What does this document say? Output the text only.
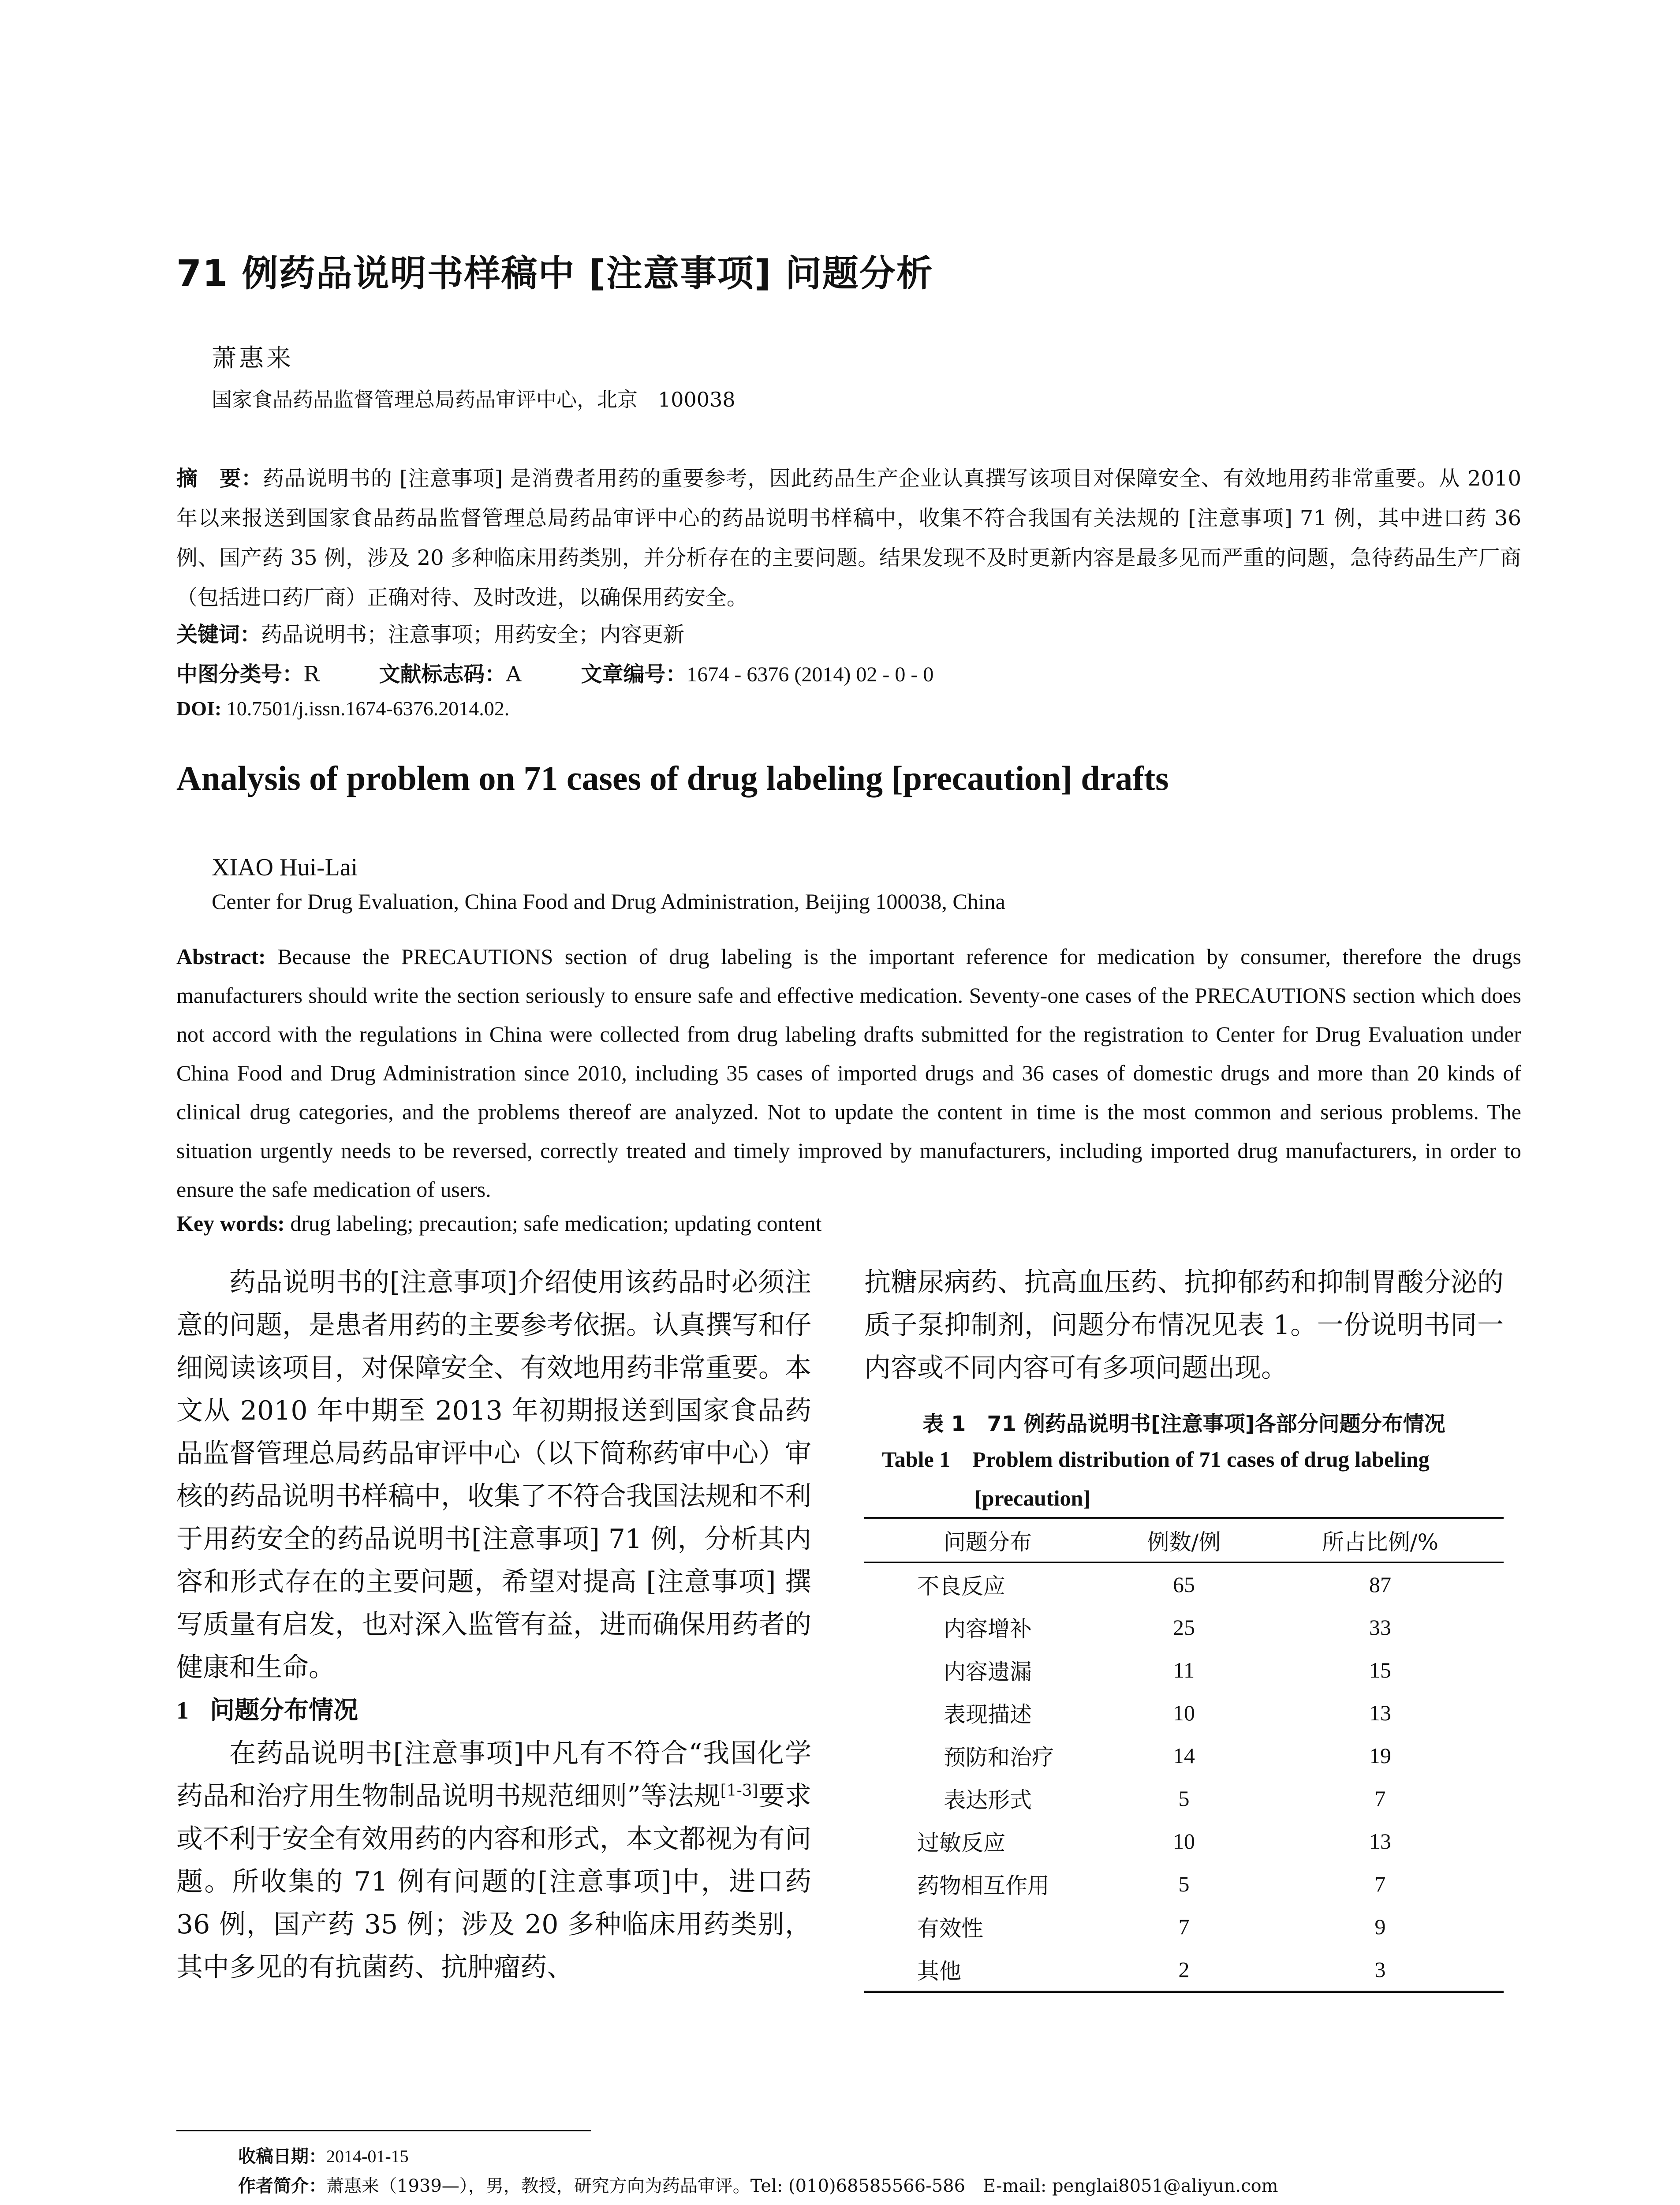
71 例药品说明书样稿中 [注意事项] 问题分析
萧惠来
国家食品药品监督管理总局药品审评中心，北京　100038
摘　要：药品说明书的 [注意事项] 是消费者用药的重要参考，因此药品生产企业认真撰写该项目对保障安全、有效地用药非常重要。从 2010 年以来报送到国家食品药品监督管理总局药品审评中心的药品说明书样稿中，收集不符合我国有关法规的 [注意事项] 71 例，其中进口药 36 例、国产药 35 例，涉及 20 多种临床用药类别，并分析存在的主要问题。结果发现不及时更新内容是最多见而严重的问题，急待药品生产厂商（包括进口药厂商）正确对待、及时改进，以确保用药安全。
关键词：药品说明书；注意事项；用药安全；内容更新
中图分类号：R	文献标志码：A	文章编号：1674 - 6376 (2014) 02 - 0 - 0
DOI: 10.7501/j.issn.1674-6376.2014.02.
Analysis of problem on 71 cases of drug labeling [precaution] drafts
XIAO Hui-Lai
Center for Drug Evaluation, China Food and Drug Administration, Beijing 100038, China
Abstract: Because the PRECAUTIONS section of drug labeling is the important reference for medication by consumer, therefore the drugs manufacturers should write the section seriously to ensure safe and effective medication. Seventy-one cases of the PRECAUTIONS section which does not accord with the regulations in China were collected from drug labeling drafts submitted for the registration to Center for Drug Evaluation under China Food and Drug Administration since 2010, including 35 cases of imported drugs and 36 cases of domestic drugs and more than 20 kinds of clinical drug categories, and the problems thereof are analyzed. Not to update the content in time is the most common and serious problems. The situation urgently needs to be reversed, correctly treated and timely improved by manufacturers, including imported drug manufacturers, in order to ensure the safe medication of users.
Key words: drug labeling; precaution; safe medication; updating content

药品说明书的[注意事项]介绍使用该药品时必须注意的问题，是患者用药的主要参考依据。认真撰写和仔细阅读该项目，对保障安全、有效地用药非常重要。本文从 2010 年中期至 2013 年初期报送到国家食品药品监督管理总局药品审评中心（以下简称药审中心）审核的药品说明书样稿中，收集了不符合我国法规和不利于用药安全的药品说明书[注意事项] 71 例，分析其内容和形式存在的主要问题，希望对提高 [注意事项] 撰写质量有启发，也对深入监管有益，进而确保用药者的健康和生命。

1 问题分布情况

在药品说明书[注意事项]中凡有不符合“我国化学药品和治疗用生物制品说明书规范细则”等法规[1-3]要求或不利于安全有效用药的内容和形式，本文都视为有问题。所收集的 71 例有问题的[注意事项]中，进口药 36 例，国产药 35 例；涉及 20 多种临床用药类别，其中多见的有抗菌药、抗肿瘤药、

抗糖尿病药、抗高血压药、抗抑郁药和抑制胃酸分泌的质子泵抑制剂，问题分布情况见表 1。一份说明书同一内容或不同内容可有多项问题出现。

表 1　71 例药品说明书[注意事项]各部分问题分布情况
Table 1　Problem distribution of 71 cases of drug labeling
[precaution]
问题分布	例数/例	所占比例/%
不良反应	65	87
内容增补	25	33
内容遗漏	11	15
表现描述	10	13
预防和治疗	14	19
表达形式	5	7
过敏反应	10	13
药物相互作用	5	7
有效性	7	9
其他	2	3
收稿日期：2014-01-15
作者简介：萧惠来（1939—），男，教授，研究方向为药品审评。Tel: (010)68585566-586　E-mail: penglai8051@aliyun.com
